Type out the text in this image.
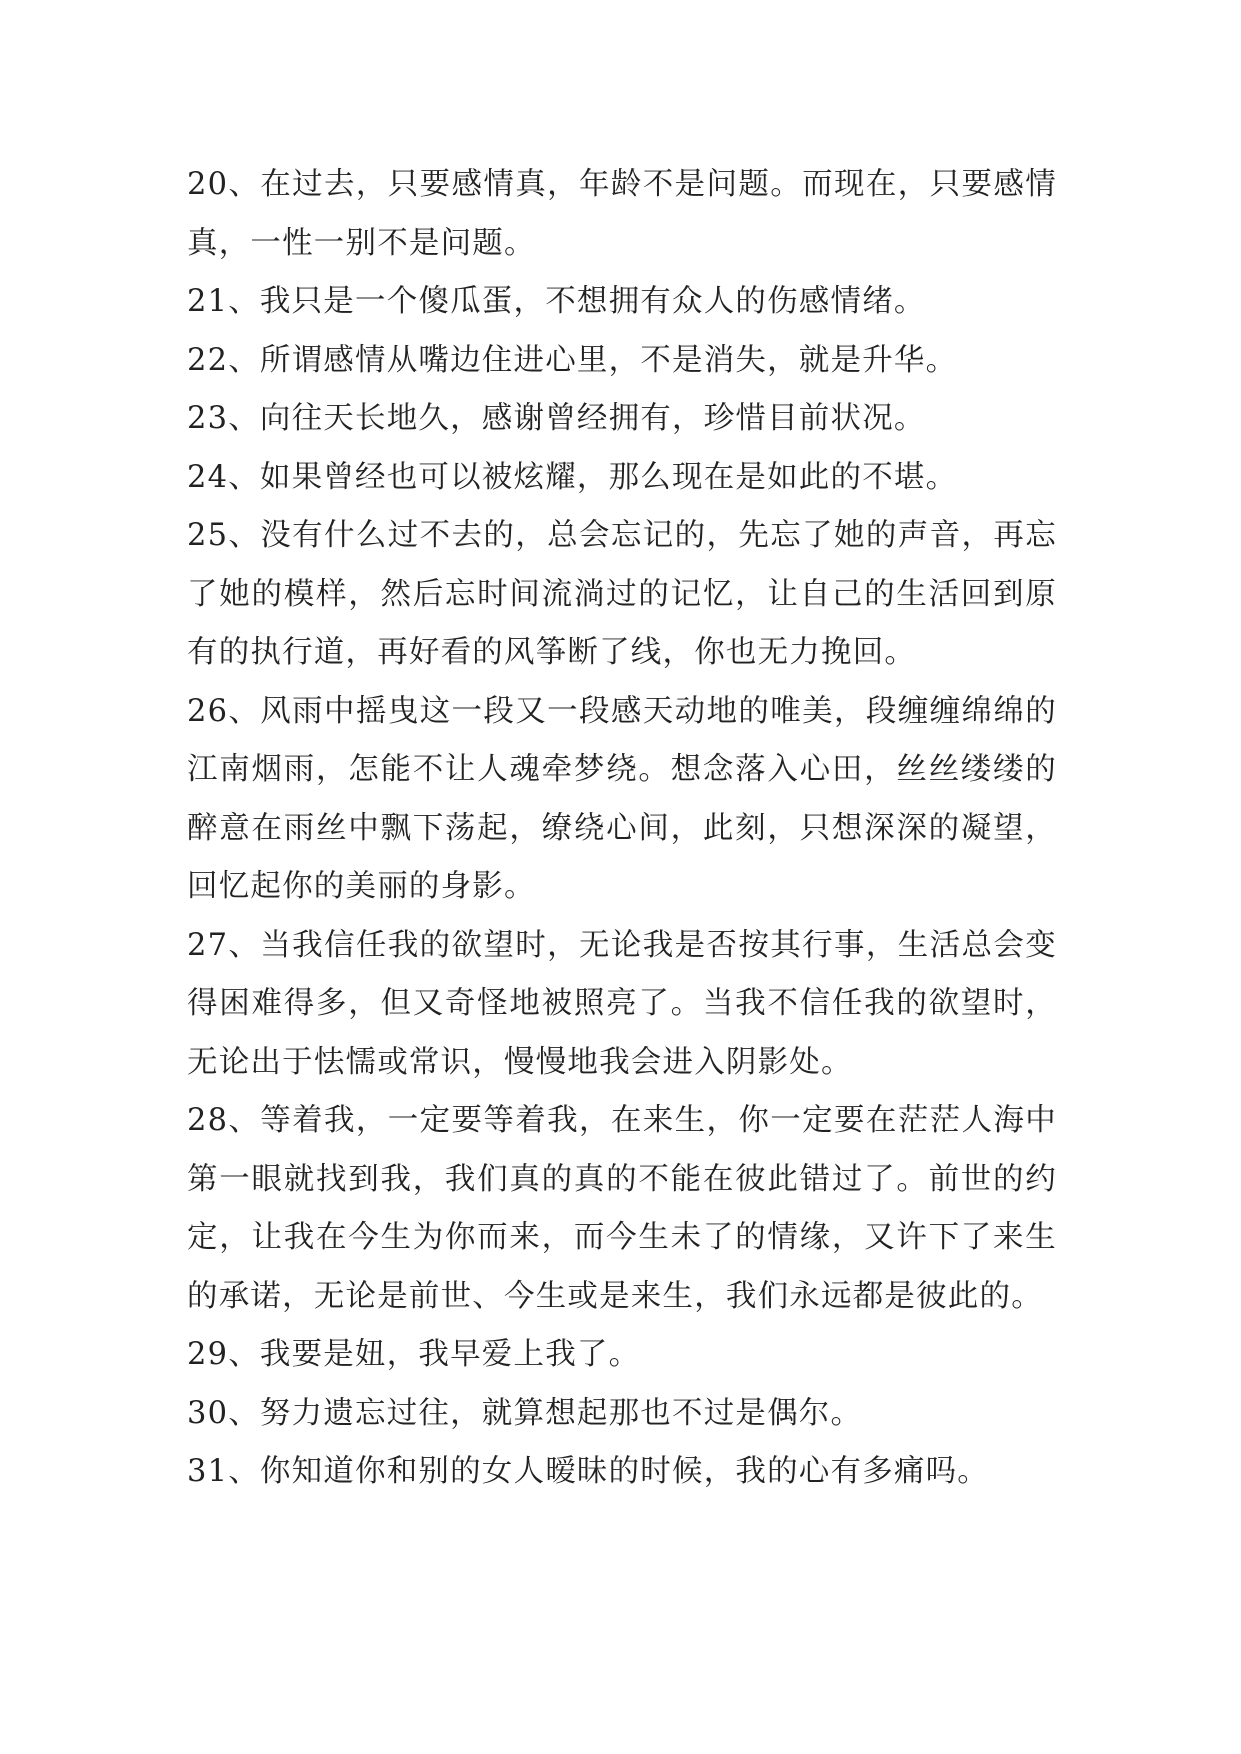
20、在过去，只要感情真，年龄不是问题。而现在，只要感情真，一性一别不是问题。

21、我只是一个傻瓜蛋，不想拥有众人的伤感情绪。

22、所谓感情从嘴边住进心里，不是消失，就是升华。

23、向往天长地久，感谢曾经拥有，珍惜目前状况。

24、如果曾经也可以被炫耀，那么现在是如此的不堪。

25、没有什么过不去的，总会忘记的，先忘了她的声音，再忘了她的模样，然后忘时间流淌过的记忆，让自己的生活回到原有的执行道，再好看的风筝断了线，你也无力挽回。

26、风雨中摇曳这一段又一段感天动地的唯美，段缠缠绵绵的江南烟雨，怎能不让人魂牵梦绕。想念落入心田，丝丝缕缕的醉意在雨丝中飘下荡起，缭绕心间，此刻，只想深深的凝望，回忆起你的美丽的身影。

27、当我信任我的欲望时，无论我是否按其行事，生活总会变得困难得多，但又奇怪地被照亮了。当我不信任我的欲望时，无论出于怯懦或常识，慢慢地我会进入阴影处。

28、等着我，一定要等着我，在来生，你一定要在茫茫人海中第一眼就找到我，我们真的真的不能在彼此错过了。前世的约定，让我在今生为你而来，而今生未了的情缘，又许下了来生的承诺，无论是前世、今生或是来生，我们永远都是彼此的。

29、我要是妞，我早爱上我了。

30、努力遗忘过往，就算想起那也不过是偶尔。

31、你知道你和别的女人暧昧的时候，我的心有多痛吗。
